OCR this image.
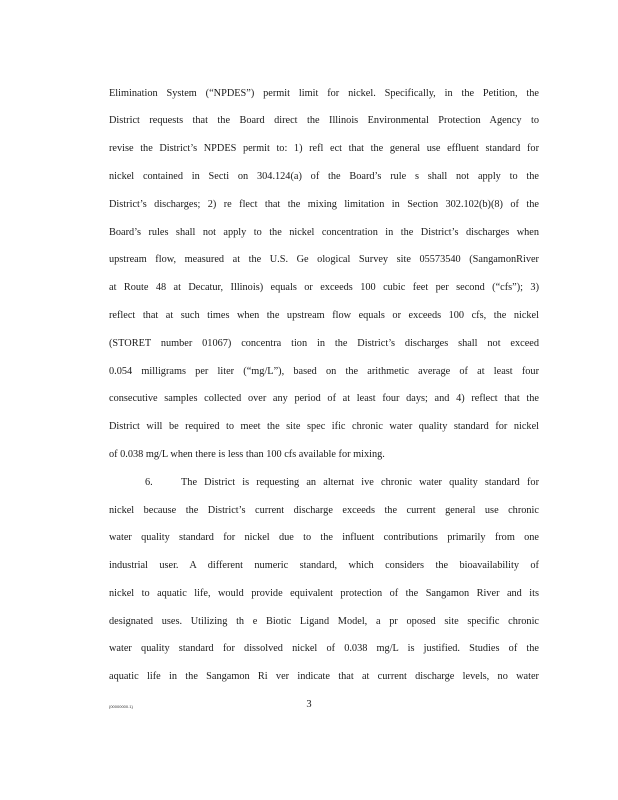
Elimination System (“NPDES”) permit limit for nickel. Specifically, in the Petition, the
District requests that the Board direct the Illinois Environmental Protection Agency to
revise the District’s NPDES permit to: 1) refl ect that the general use effluent standard for
nickel contained in Secti on 304.124(a) of the Board’s rule s shall not apply to the
District’s discharges; 2) re flect that the mixing limitation in Section 302.102(b)(8) of the
Board’s rules shall not apply to the nickel concentration in the District’s discharges when
upstream flow, measured at the U.S. Ge ological Survey site 05573540 (SangamonRiver
at Route 48 at Decatur, Illinois) equals or exceeds 100 cubic feet per second (“cfs”); 3)
reflect that at such times when the upstream flow equals or exceeds 100 cfs, the nickel
(STORET number 01067) concentra tion in the District’s discharges shall not exceed
0.054 milligrams per liter (“mg/L”), based on the arithmetic average of at least four
consecutive samples collected over any period of at least four days; and 4) reflect that the
District will be required to meet the site spec ific chronic water quality standard for nickel
of 0.038 mg/L when there is less than 100 cfs available for mixing.
6.	The District is requesting an alternat ive chronic water quality standard for
nickel because the District’s current discharge exceeds the current general use chronic
water quality standard for nickel due to the influent contributions primarily from one
industrial user. A different numeric standard, which considers the bioavailability of
nickel to aquatic life, would provide equivalent protection of the Sangamon River and its
designated uses. Utilizing th e Biotic Ligand Model, a pr oposed site specific chronic
water quality standard for dissolved nickel of 0.038 mg/L is justified. Studies of the
aquatic life in the Sangamon Ri ver indicate that at current discharge levels, no water
{00000000.1}	3
